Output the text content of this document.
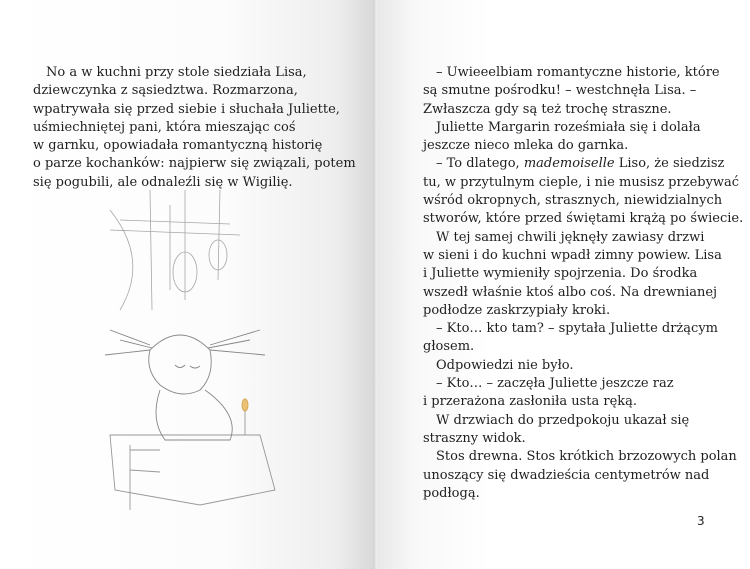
No a w kuchni przy stole siedziała Lisa,

dziewczynka z sąsiedztwa. Rozmarzona,

wpatrywała się przed siebie i słuchała Juliette,

uśmiechniętej pani, która mieszając coś

w garnku, opowiadała romantyczną historię

o parze kochanków: najpierw się związali, potem

się pogubili, ale odnaleźli się w Wigilię.

– Uwieeelbiam romantyczne historie, które

są smutne pośrodku! – westchnęła Lisa. –

Zwłaszcza gdy są też trochę straszne.

Juliette Margarin roześmiała się i dolała

jeszcze nieco mleka do garnka.

– To dlatego, mademoiselle Liso, że siedzisz

tu, w przytulnym cieple, i nie musisz przebywać

wśród okropnych, strasznych, niewidzialnych

stworów, które przed świętami krążą po świecie.

W tej samej chwili jęknęły zawiasy drzwi

w sieni i do kuchni wpadł zimny powiew. Lisa

i Juliette wymieniły spojrzenia. Do środka

wszedł właśnie ktoś albo coś. Na drewnianej

podłodze zaskrzypiały kroki.

– Kto… kto tam? – spytała Juliette drżącym

głosem.

Odpowiedzi nie było.

– Kto… – zaczęła Juliette jeszcze raz

i przerażona zasłoniła usta ręką.

W drzwiach do przedpokoju ukazał się

straszny widok.

Stos drewna. Stos krótkich brzozowych polan

unoszący się dwadzieścia centymetrów nad

podłogą.

3
